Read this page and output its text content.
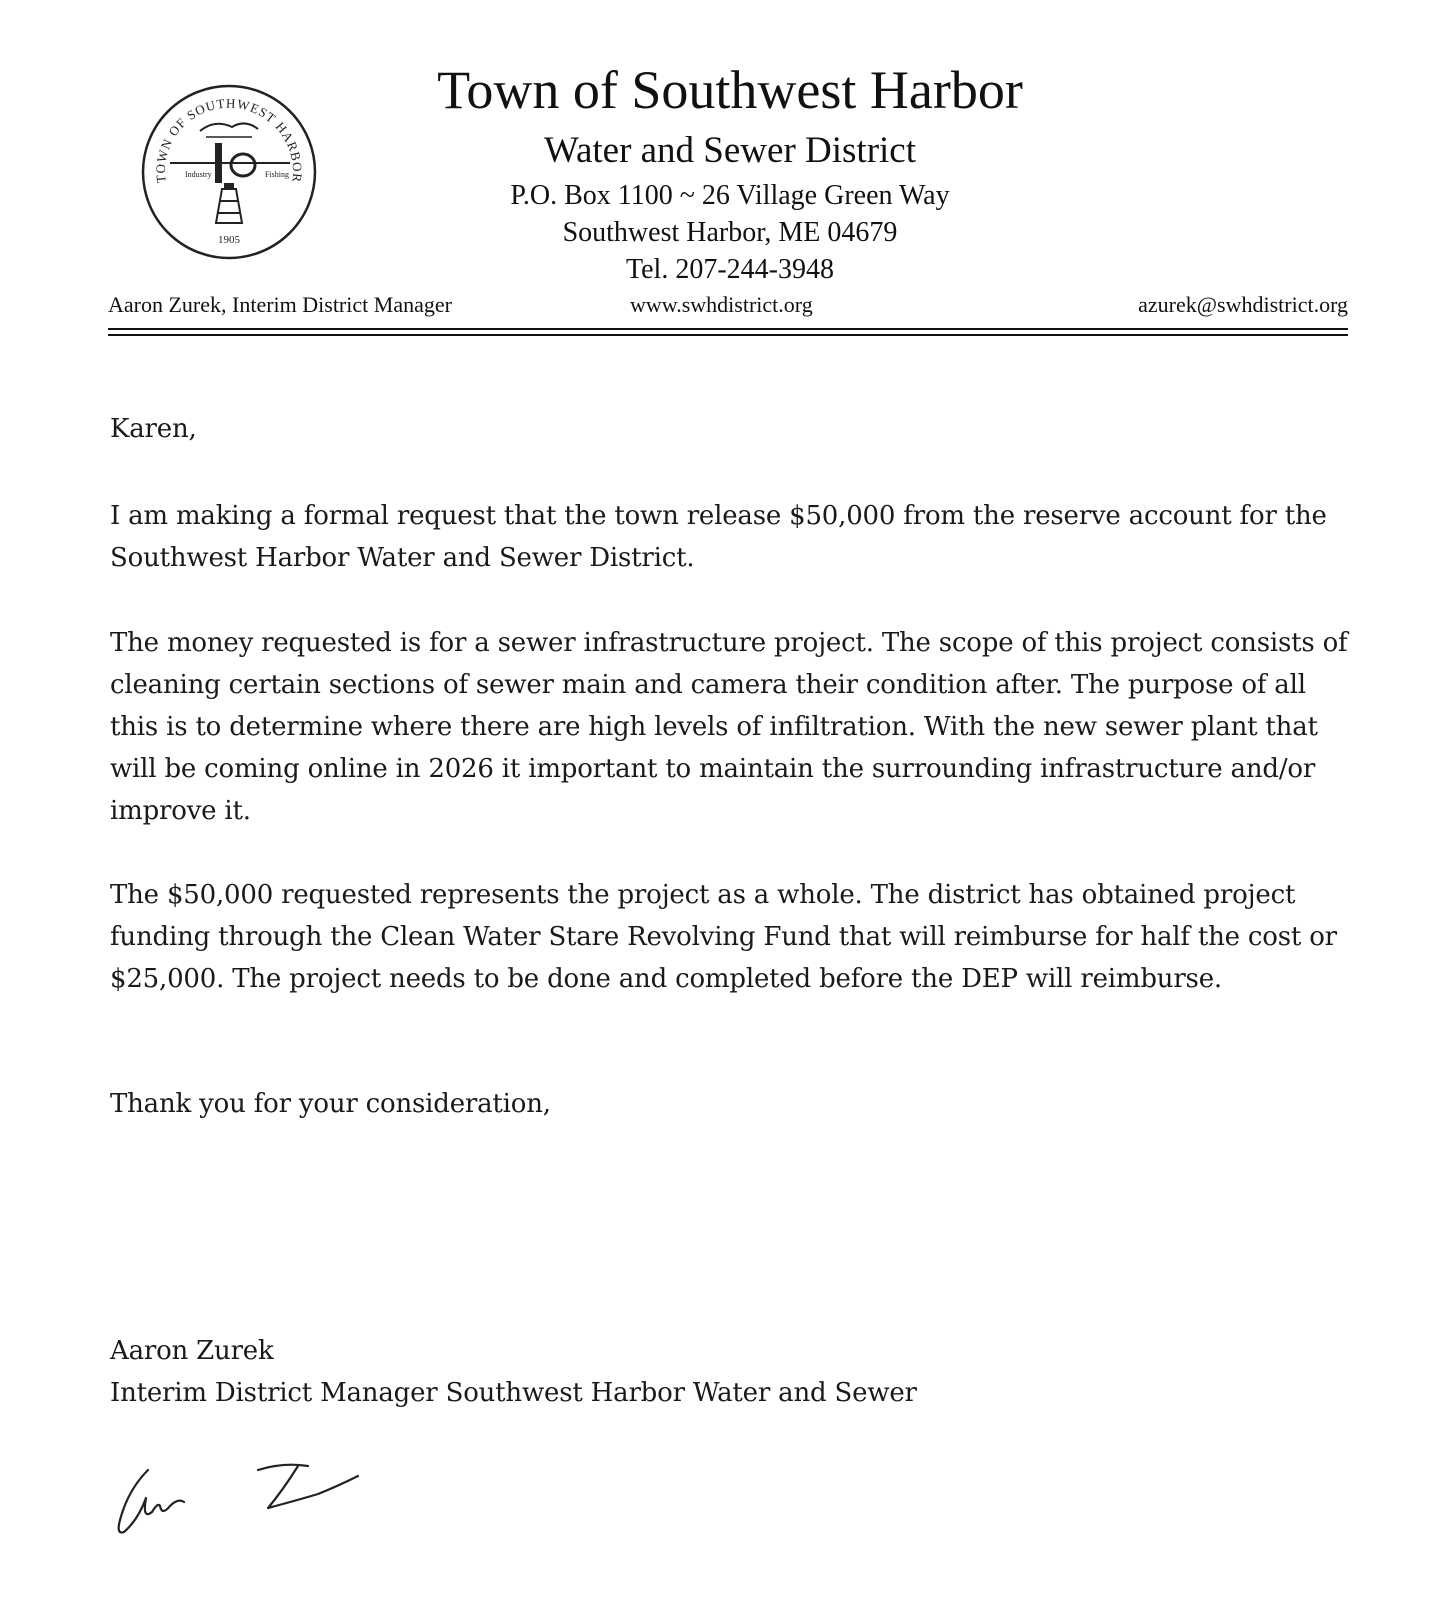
TOWN OF SOUTHWEST HARBOR
Industry	Fishing
1905
Town of Southwest Harbor
Water and Sewer District
P.O. Box 1100 ~ 26 Village Green Way
Southwest Harbor, ME 04679
Tel. 207-244-3948
Aaron Zurek, Interim District Manager	www.swhdistrict.org	azurek@swhdistrict.org
Karen,
I am making a formal request that the town release $50,000 from the reserve account for the Southwest Harbor Water and Sewer District.
The money requested is for a sewer infrastructure project. The scope of this project consists of cleaning certain sections of sewer main and camera their condition after. The purpose of all this is to determine where there are high levels of infiltration. With the new sewer plant that will be coming online in 2026 it important to maintain the surrounding infrastructure and/or improve it.
The $50,000 requested represents the project as a whole. The district has obtained project funding through the Clean Water Stare Revolving Fund that will reimburse for half the cost or $25,000. The project needs to be done and completed before the DEP will reimburse.
Thank you for your consideration,
Aaron Zurek
Interim District Manager Southwest Harbor Water and Sewer
